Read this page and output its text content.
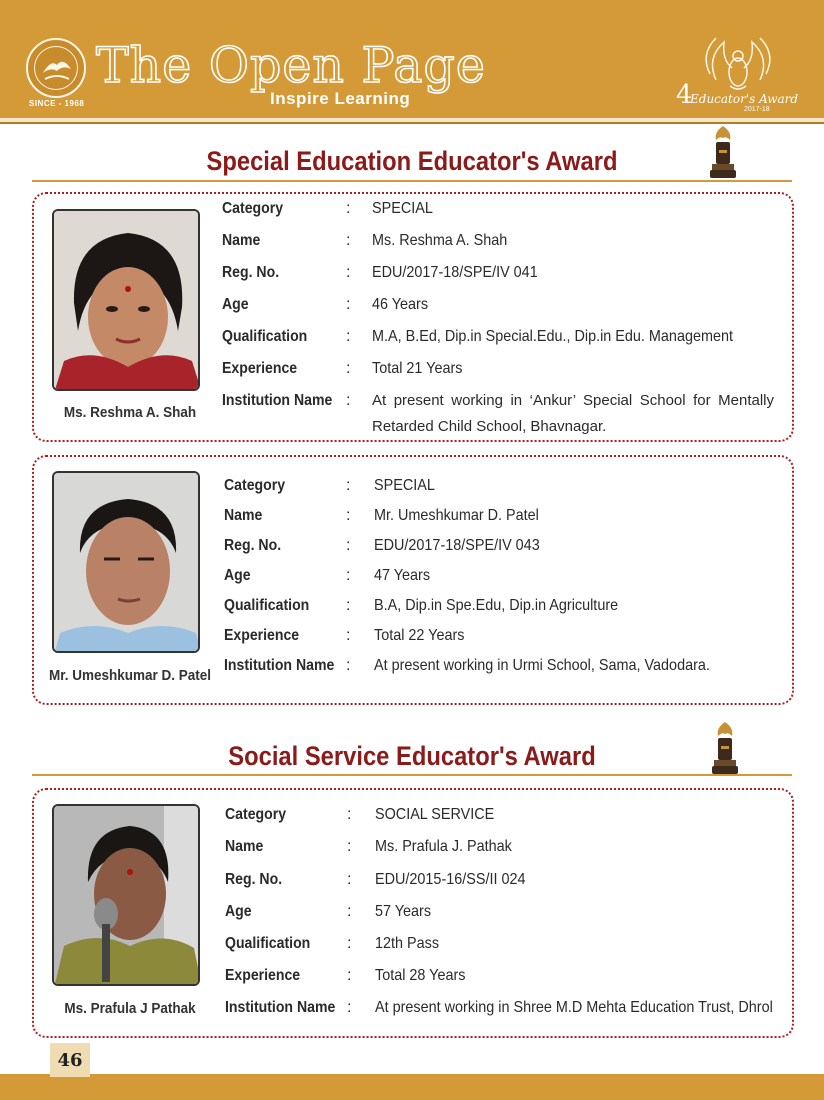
SINCE - 1968
The Open Page
Inspire Learning	4
Educator's Award
2017-18
Special Education Educator's Award
Ms. Reshma A. Shah
Category	: SPECIAL
Name	: Ms. Reshma A. Shah
Reg. No.	: EDU/2017-18/SPE/IV 041
Age	: 46 Years
Qualification : M.A, B.Ed, Dip.in Special.Edu., Dip.in Edu. Management
Experience	: Total 21 Years
Institution Name : At present working in ‘Ankur’ Special School for Mentally Retarded Child School, Bhavnagar.
Mr. Umeshkumar D. Patel
Category	: SPECIAL
Name	: Mr. Umeshkumar D. Patel
Reg. No.	: EDU/2017-18/SPE/IV 043
Age	: 47 Years
Qualification : B.A, Dip.in Spe.Edu, Dip.in Agriculture
Experience	: Total 22 Years
Institution Name : At present working in Urmi School, Sama, Vadodara.
Social Service Educator's Award
Ms. Prafula J Pathak
Category	: SOCIAL SERVICE
Name	: Ms. Prafula J. Pathak
Reg. No.	: EDU/2015-16/SS/II 024
Age	: 57 Years
Qualification : 12th Pass
Experience	: Total 28 Years
Institution Name : At present working in Shree M.D Mehta Education Trust, Dhrol
46
